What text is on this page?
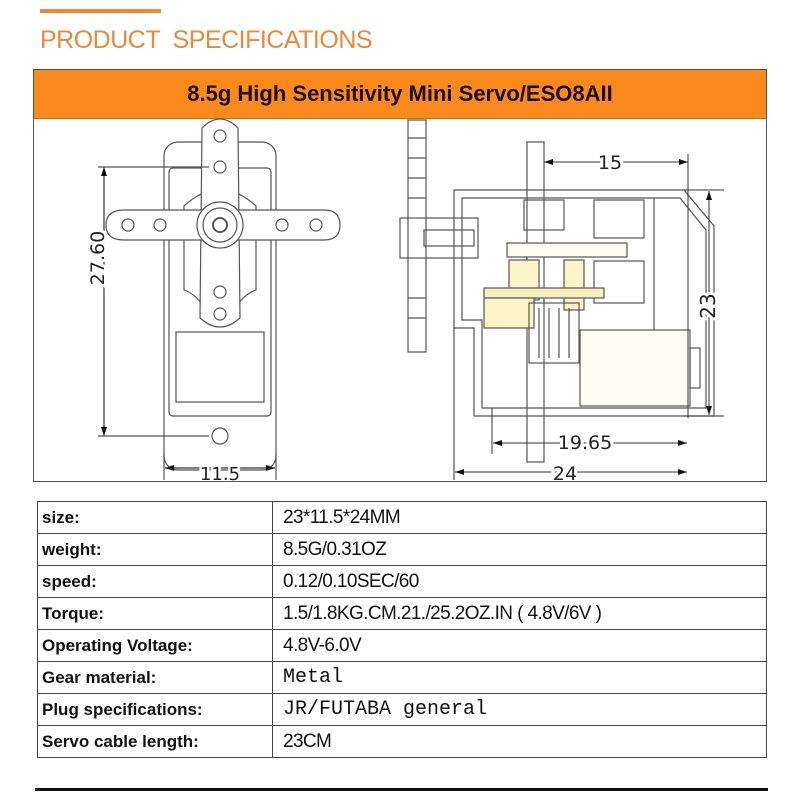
PRODUCT  SPECIFICATIONS
8.5g High Sensitivity Mini Servo/ESO8AII
27.60
11.5
15
23
19.65
24
size:	23*11.5*24MM
weight:	8.5G/0.31OZ
speed:	0.12/0.10SEC/60
Torque:	1.5/1.8KG.CM.21./25.2OZ.IN ( 4.8V/6V )
Operating Voltage:	4.8V-6.0V
Gear material:	Metal
Plug specifications:	JR/FUTABA general
Servo cable length:	23CM
